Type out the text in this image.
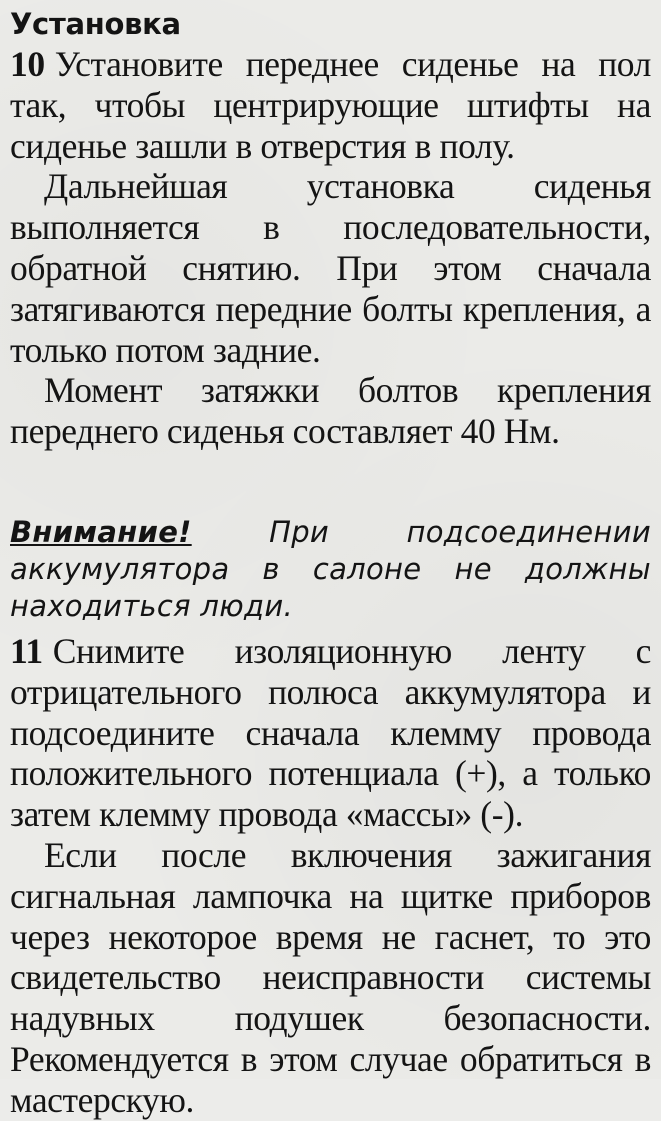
Установка

10 Установите переднее сиденье на пол так, чтобы центрирующие штифты на сиденье зашли в отверстия в полу.

Дальнейшая установка сиденья выполняется в последовательности, обратной снятию. При этом сначала затягиваются передние болты крепления, а только потом задние.

Момент затяжки болтов крепления переднего сиденья составляет 40 Нм.

Внимание!	При подсоединении аккумулятора в салоне не должны находиться люди.

11 Снимите изоляционную ленту с отрицательного полюса аккумулятора и подсоедините сначала клемму провода положительного потенциала (+), а только затем клемму провода «массы» (-).

Если после включения зажигания сигнальная лампочка на щитке приборов через некоторое время не гаснет, то это свидетельство неисправности системы надувных подушек безопасности. Рекомендуется в этом случае обратиться в мастерскую.
